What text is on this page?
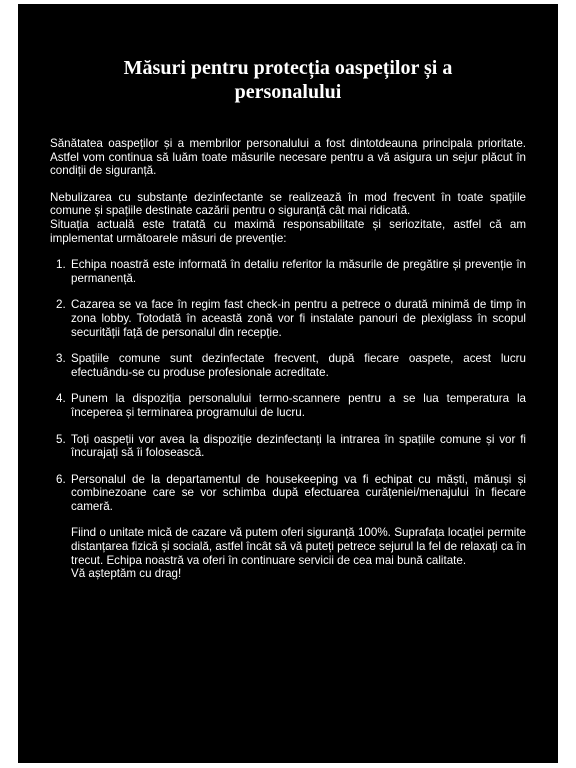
Măsuri pentru protecția oaspeților și a personalului

Sănătatea oaspeților și a membrilor personalului a fost dintotdeauna principala prioritate. Astfel vom continua să luăm toate măsurile necesare pentru a vă asigura un sejur plăcut în condiții de siguranță.

Nebulizarea cu substanțe dezinfectante se realizează în mod frecvent în toate spațiile comune și spațiile destinate cazării pentru o siguranță cât mai ridicată.

Situația actuală este tratată cu maximă responsabilitate și seriozitate, astfel că am implementat următoarele măsuri de prevenție:

1. Echipa noastră este informată în detaliu referitor la măsurile de pregătire și prevenție în permanență.
2. Cazarea se va face în regim fast check-in pentru a petrece o durată minimă de timp în zona lobby. Totodată în această zonă vor fi instalate panouri de plexiglass în scopul securității față de personalul din recepție.
3. Spațiile comune sunt dezinfectate frecvent, după fiecare oaspete, acest lucru efectuându-se cu produse profesionale acreditate.
4. Punem la dispoziția personalului termo-scannere pentru a se lua temperatura la începerea și terminarea programului de lucru.
5. Toți oaspeții vor avea la dispoziție dezinfectanți la intrarea în spațiile comune și vor fi încurajați să îi folosească.
6. Personalul de la departamentul de housekeeping va fi echipat cu măști, mănuși și combinezoane care se vor schimba după efectuarea curățeniei/menajului în fiecare cameră.

Fiind o unitate mică de cazare vă putem oferi siguranță 100%. Suprafața locației permite distanțarea fizică și socială, astfel încât să vă puteți petrece sejurul la fel de relaxați ca în trecut. Echipa noastră va oferi în continuare servicii de cea mai bună calitate.

Vă așteptăm cu drag!
